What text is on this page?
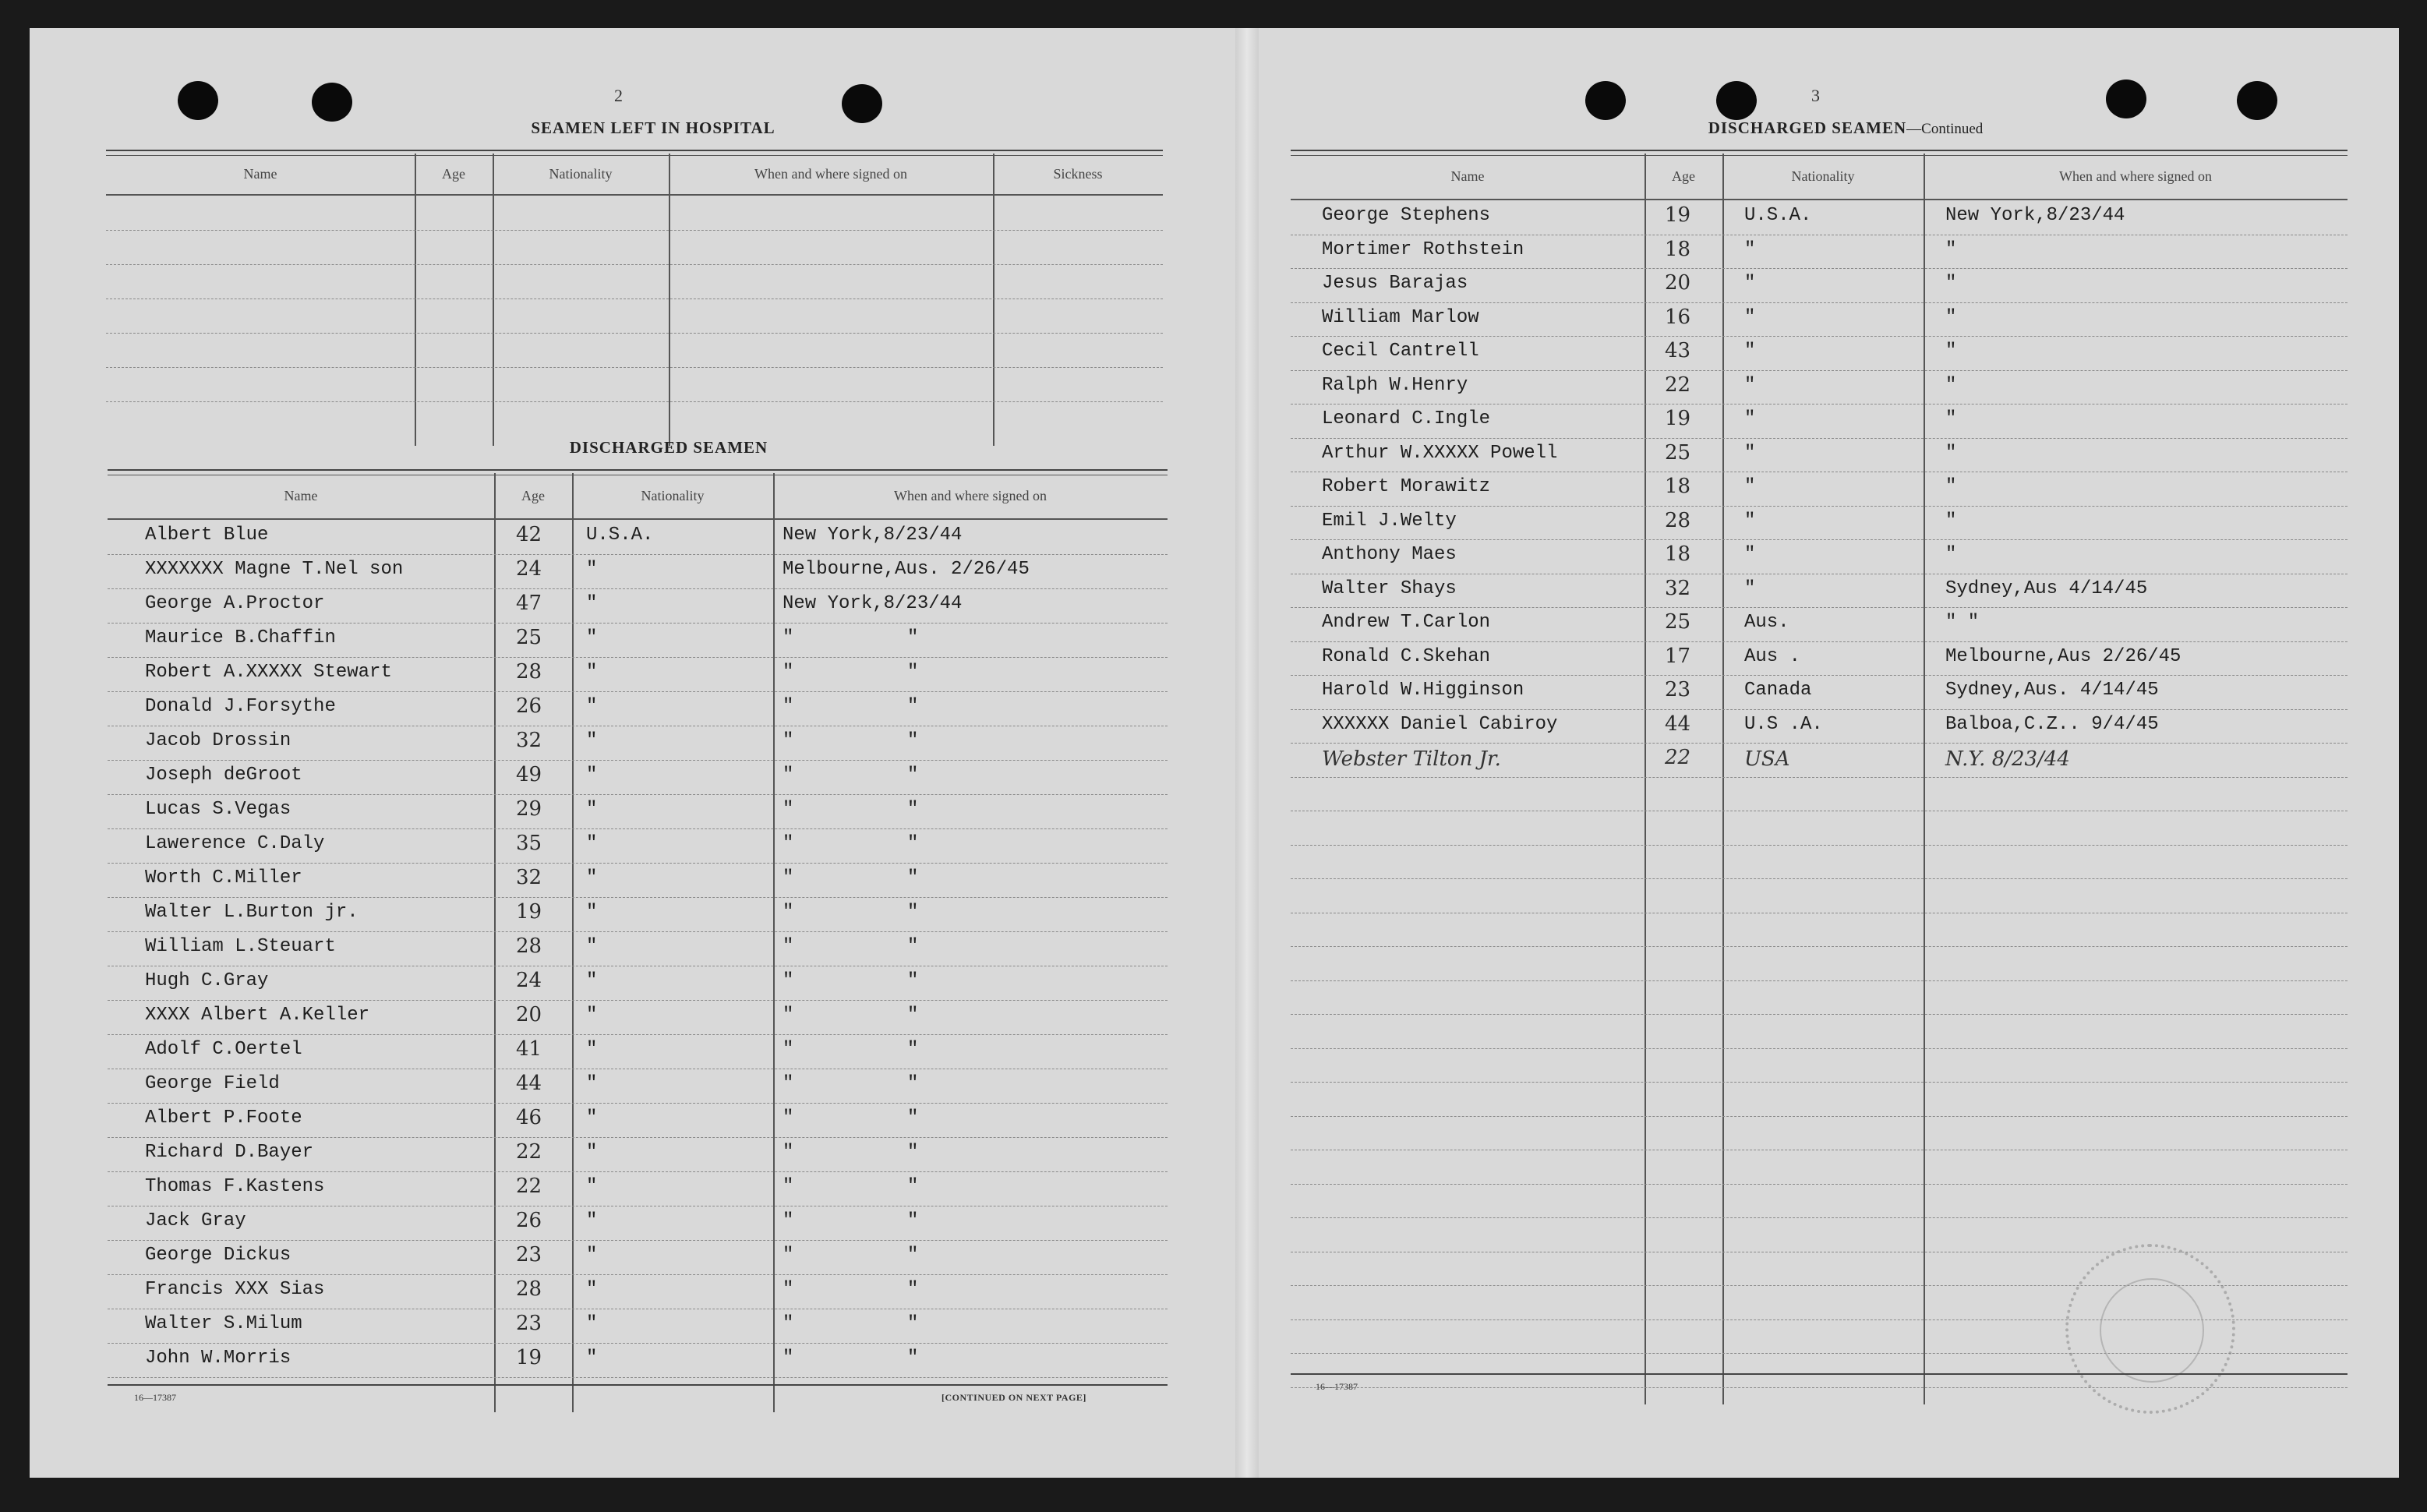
2
SEAMEN LEFT IN HOSPITAL
Name	Age	Nationality	When and where signed on	Sickness
DISCHARGED SEAMEN
Name	Age	Nationality	When and where signed on
Albert Blue	42 U.S.A.	New York,8/23/44
XXXXXXX Magne T.Nel son	24 "	Melbourne,Aus. 2/26/45
George A.Proctor	47 "	New York,8/23/44
Maurice B.Chaffin	25 "	"	"
Robert A.XXXXX Stewart	28 "	"	"
Donald J.Forsythe	26 "	"	"
Jacob Drossin	32 "	"	"
Joseph deGroot	49 "	"	"
Lucas S.Vegas	29 "	"	"
Lawerence C.Daly	35 "	"	"
Worth C.Miller	32 "	"	"
Walter L.Burton jr.	19 "	"	"
William L.Steuart	28 "	"	"
Hugh C.Gray	24 "	"	"
XXXX Albert A.Keller	20 "	"	"
Adolf C.Oertel	41 "	"	"
George Field	44 "	"	"
Albert P.Foote	46 "	"	"
Richard D.Bayer	22 "	"	"
Thomas F.Kastens	22 "	"	"
Jack Gray	26 "	"	"
George Dickus	23 "	"	"
Francis XXX Sias	28 "	"	"
Walter S.Milum	23 "	"	"
John W.Morris	19 "	"	"
16—17387	[CONTINUED ON NEXT PAGE]
3
DISCHARGED SEAMEN—Continued
Name	Age	Nationality	When and where signed on
George Stephens	19	U.S.A.	New York,8/23/44
Mortimer Rothstein	18	"	"
Jesus Barajas	20	"	"
William Marlow	16	"	"
Cecil Cantrell	43	"	"
Ralph W.Henry	22	"	"
Leonard C.Ingle	19	"	"
Arthur W.XXXXX Powell	25	"	"
Robert Morawitz	18	"	"
Emil J.Welty	28	"	"
Anthony Maes	18	"	"
Walter Shays	32	"	Sydney,Aus 4/14/45
Andrew T.Carlon	25	Aus.	" "
Ronald C.Skehan	17	Aus .	Melbourne,Aus 2/26/45
Harold W.Higginson	23	Canada	Sydney,Aus. 4/14/45
XXXXXX Daniel Cabiroy	44	U.S .A.	Balboa,C.Z.. 9/4/45
Webster Tilton Jr.	22	USA	N.Y. 8/23/44
16—17387
